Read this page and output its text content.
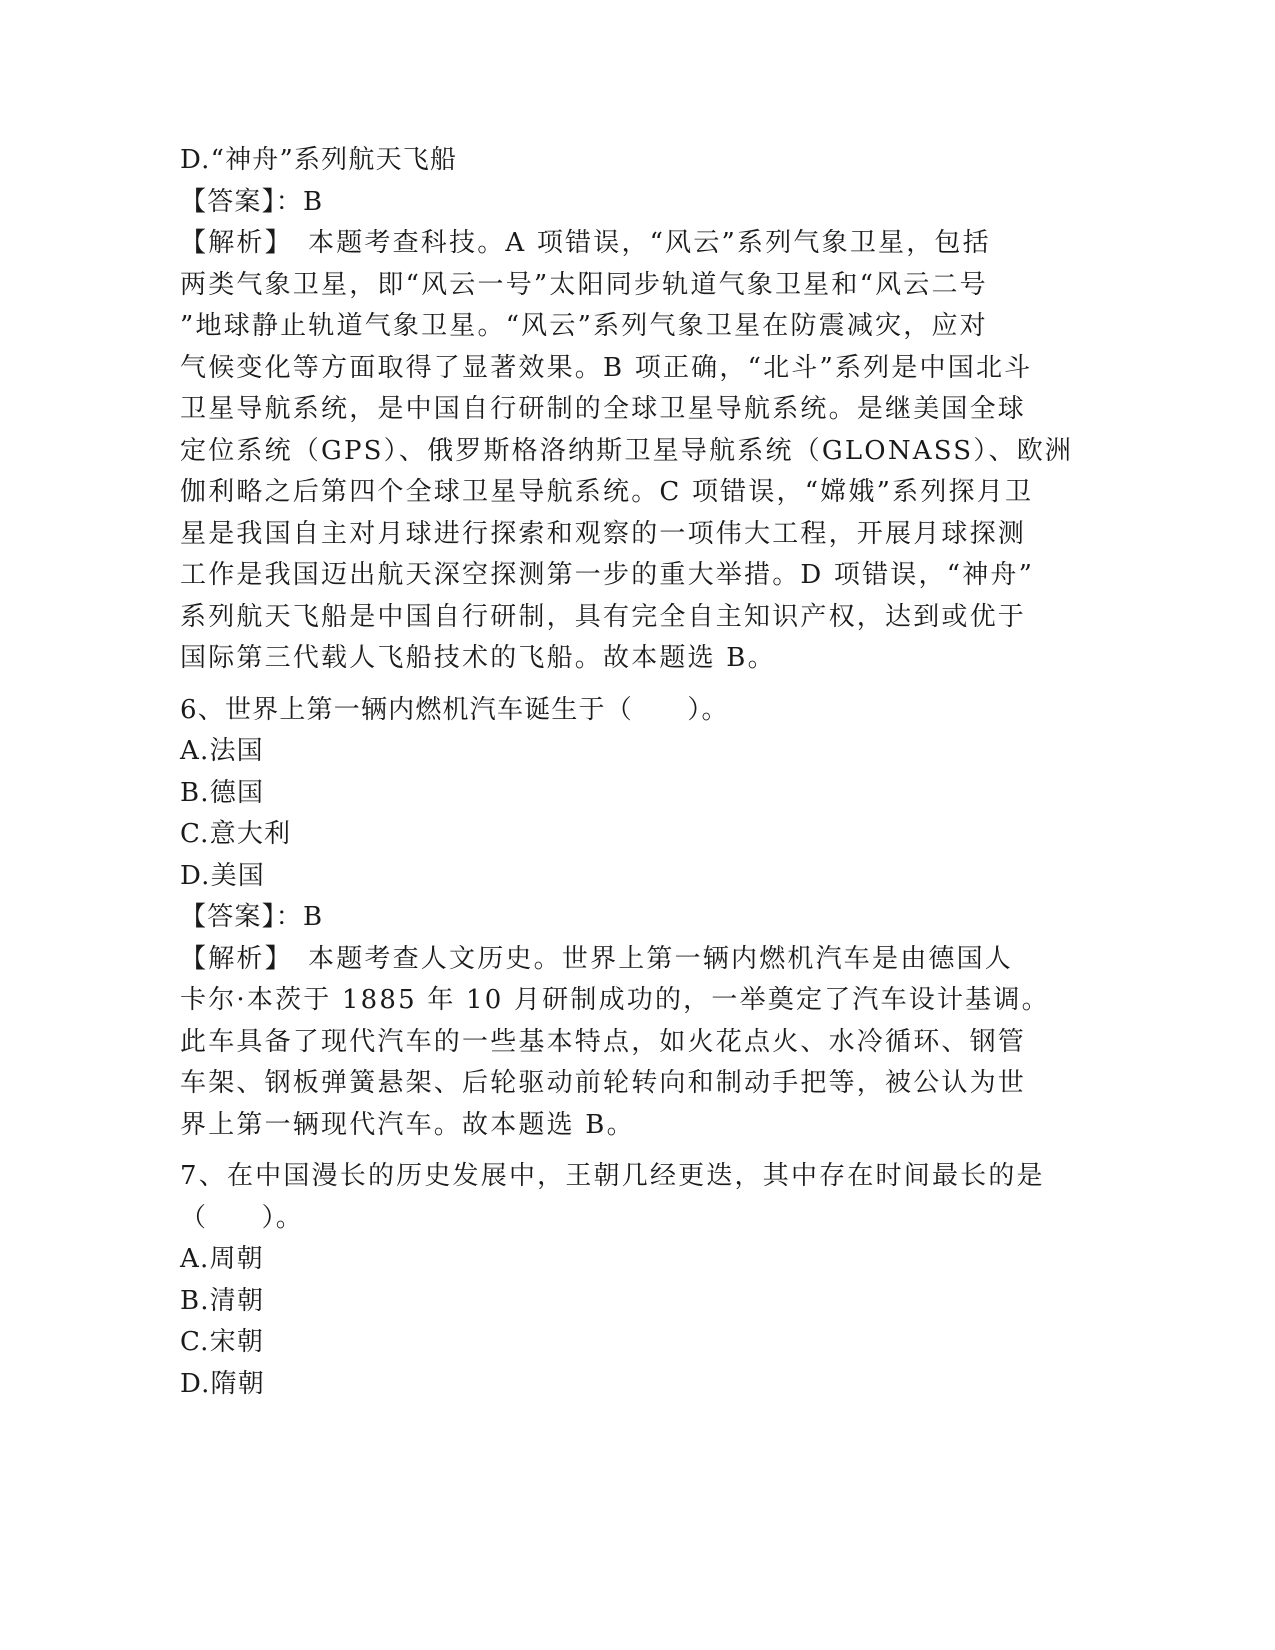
D.“神舟”系列航天飞船
【答案】：B
【解析】　本题考查科技。A 项错误，“风云”系列气象卫星，包括
两类气象卫星，即“风云一号”太阳同步轨道气象卫星和“风云二号
”地球静止轨道气象卫星。“风云”系列气象卫星在防震减灾，应对
气候变化等方面取得了显著效果。B 项正确，“北斗”系列是中国北斗
卫星导航系统，是中国自行研制的全球卫星导航系统。是继美国全球
定位系统（GPS）、俄罗斯格洛纳斯卫星导航系统（GLONASS）、欧洲
伽利略之后第四个全球卫星导航系统。C 项错误，“嫦娥”系列探月卫
星是我国自主对月球进行探索和观察的一项伟大工程，开展月球探测
工作是我国迈出航天深空探测第一步的重大举措。D 项错误，“神舟”
系列航天飞船是中国自行研制，具有完全自主知识产权，达到或优于
国际第三代载人飞船技术的飞船。故本题选 B。
6、世界上第一辆内燃机汽车诞生于（　　）。
A.法国
B.德国
C.意大利
D.美国
【答案】：B
【解析】　本题考查人文历史。世界上第一辆内燃机汽车是由德国人
卡尔·本茨于 1885 年 10 月研制成功的，一举奠定了汽车设计基调。
此车具备了现代汽车的一些基本特点，如火花点火、水冷循环、钢管
车架、钢板弹簧悬架、后轮驱动前轮转向和制动手把等，被公认为世
界上第一辆现代汽车。故本题选 B。
7、在中国漫长的历史发展中，王朝几经更迭，其中存在时间最长的是
（　　）。
A.周朝
B.清朝
C.宋朝
D.隋朝
